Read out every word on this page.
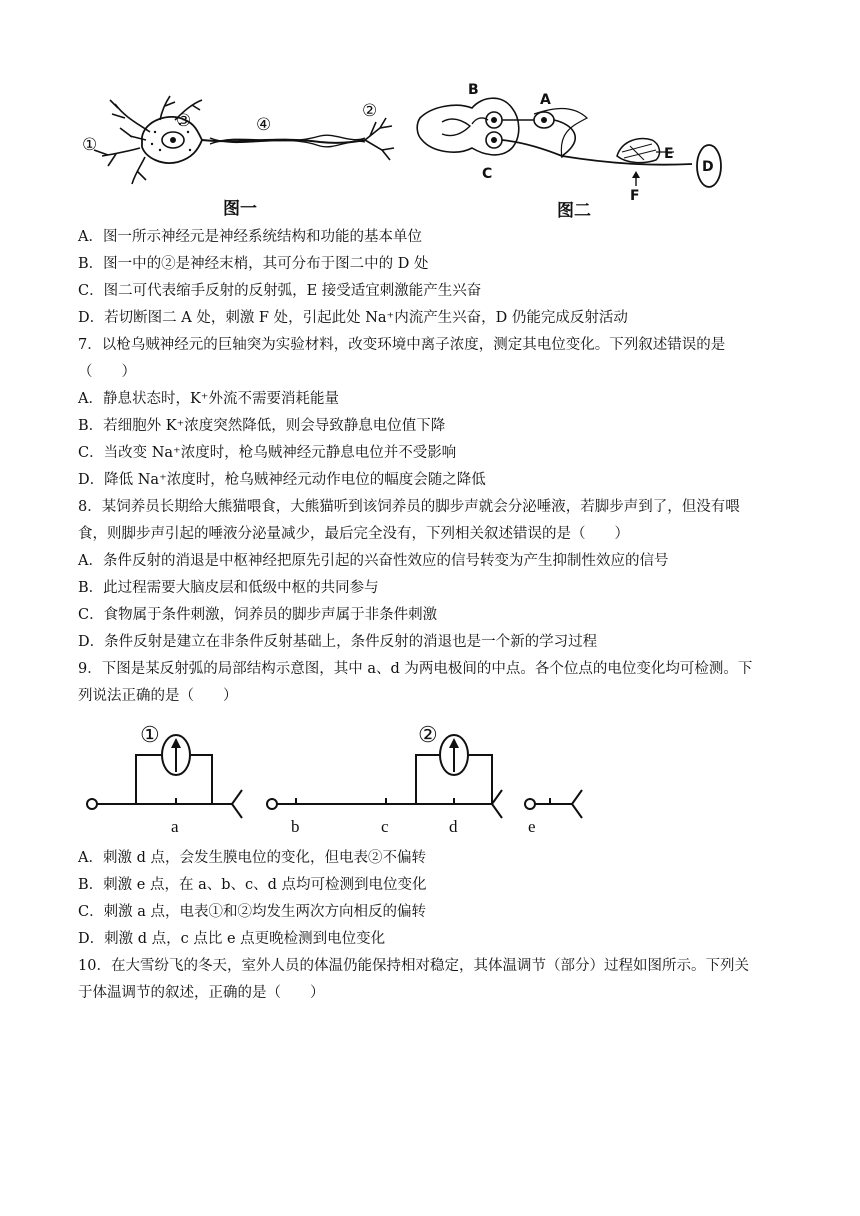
①
②
③	④
图一
B
A
C	D
E
F
图二
A．图一所示神经元是神经系统结构和功能的基本单位
B．图一中的②是神经末梢，其可分布于图二中的 D 处
C．图二可代表缩手反射的反射弧，E 接受适宜刺激能产生兴奋
D．若切断图二 A 处，刺激 F 处，引起此处 Na⁺内流产生兴奋，D 仍能完成反射活动
7．以枪乌贼神经元的巨轴突为实验材料，改变环境中离子浓度，测定其电位变化。下列叙述错误的是
（　　）
A．静息状态时，K⁺外流不需要消耗能量
B．若细胞外 K⁺浓度突然降低，则会导致静息电位值下降
C．当改变 Na⁺浓度时，枪乌贼神经元静息电位并不受影响
D．降低 Na⁺浓度时，枪乌贼神经元动作电位的幅度会随之降低
8．某饲养员长期给大熊猫喂食，大熊猫听到该饲养员的脚步声就会分泌唾液，若脚步声到了，但没有喂
食，则脚步声引起的唾液分泌量减少，最后完全没有，下列相关叙述错误的是（　　）
A．条件反射的消退是中枢神经把原先引起的兴奋性效应的信号转变为产生抑制性效应的信号
B．此过程需要大脑皮层和低级中枢的共同参与
C．食物属于条件刺激，饲养员的脚步声属于非条件刺激
D．条件反射是建立在非条件反射基础上，条件反射的消退也是一个新的学习过程
9．下图是某反射弧的局部结构示意图，其中 a、d 为两电极间的中点。各个位点的电位变化均可检测。下
列说法正确的是（　　）
①	②
a	b	c	d	e
A．刺激 d 点，会发生膜电位的变化，但电表②不偏转
B．刺激 e 点，在 a、b、c、d 点均可检测到电位变化
C．刺激 a 点，电表①和②均发生两次方向相反的偏转
D．刺激 d 点，c 点比 e 点更晚检测到电位变化
10．在大雪纷飞的冬天，室外人员的体温仍能保持相对稳定，其体温调节（部分）过程如图所示。下列关
于体温调节的叙述，正确的是（　　）
